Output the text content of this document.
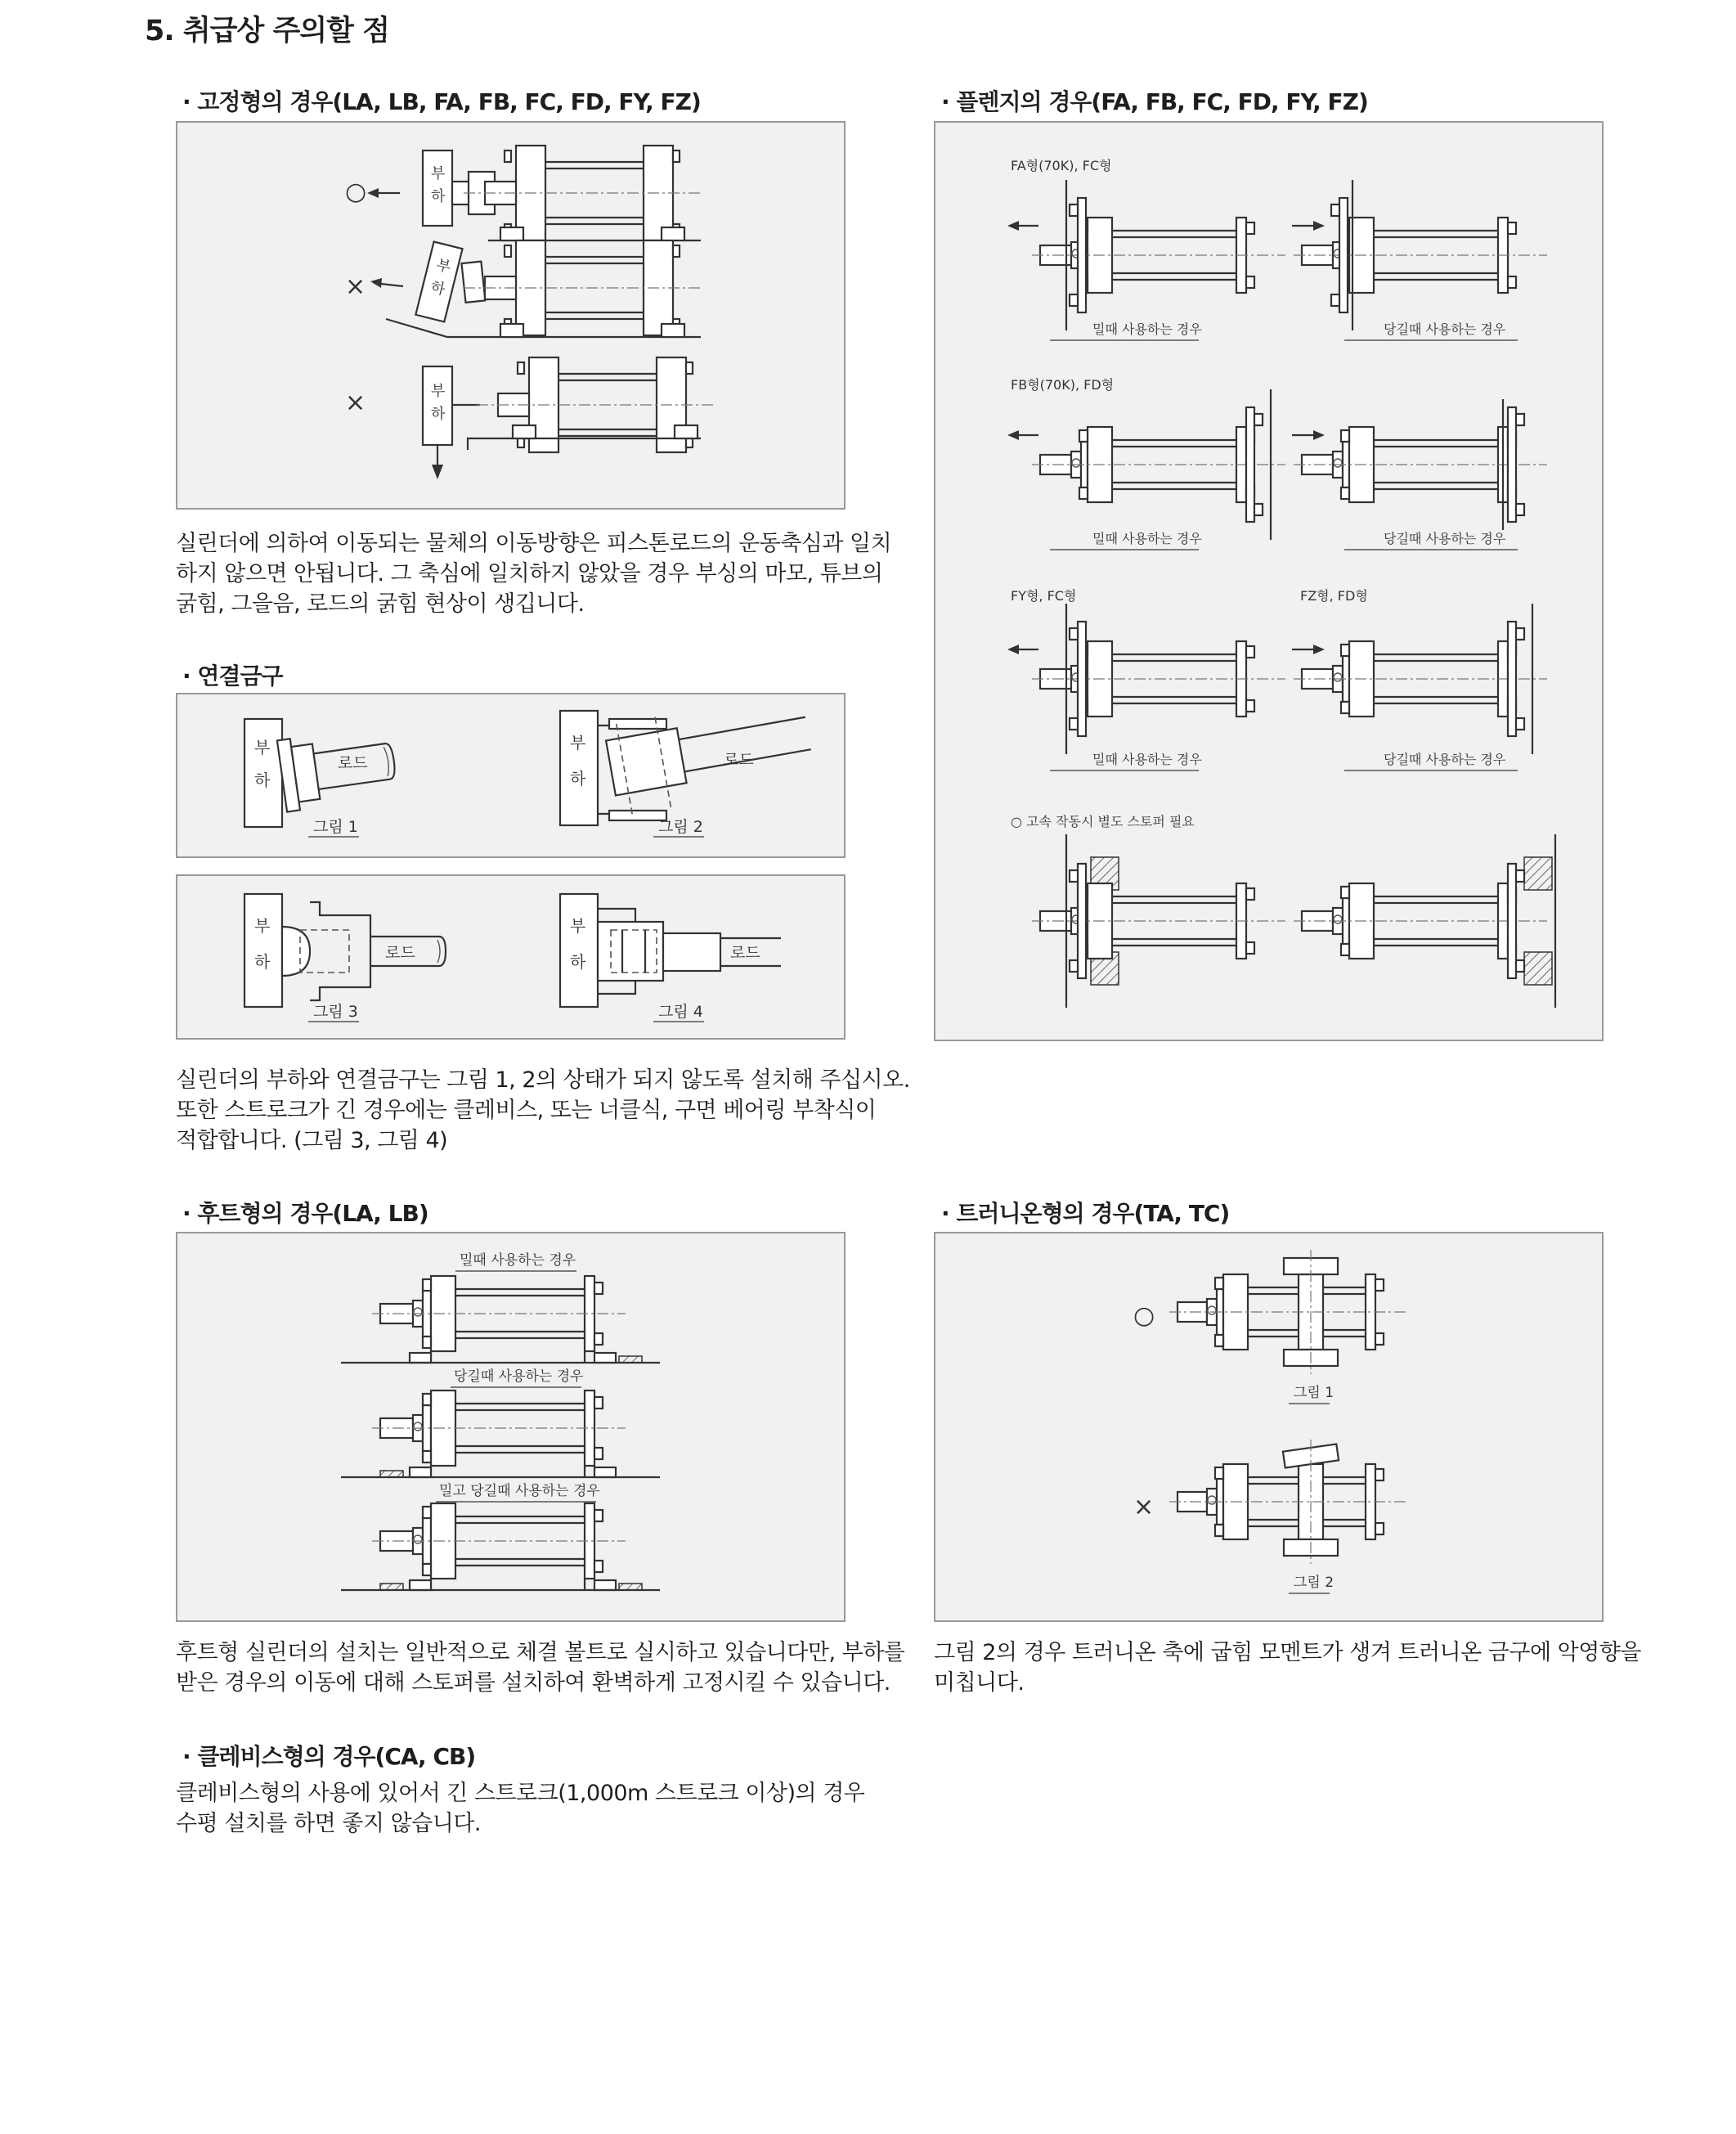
5. 취급상 주의할 점
· 고정형의 경우(LA, LB, FA, FB, FC, FD, FY, FZ)
○
부
하
×
부
하
×	부
하
실린더에 의하여 이동되는 물체의 이동방향은 피스톤로드의 운동축심과 일치
하지 않으면 안됩니다. 그 축심에 일치하지 않았을 경우 부싱의 마모, 튜브의
굵힘, 그을음, 로드의 굵힘 현상이 생깁니다.
· 연결금구
부
하
로드
그림 1
부
하
로드
그림 2
부
하	로드
그림 3
부
하	로드
그림 4
실린더의 부하와 연결금구는 그림 1, 2의 상태가 되지 않도록 설치해 주십시오.
또한 스트로크가 긴 경우에는 클레비스, 또는 너클식, 구면 베어링 부착식이
적합합니다. (그림 3, 그림 4)
· 후트형의 경우(LA, LB)
밀때 사용하는 경우
당길때 사용하는 경우
밀고 당길때 사용하는 경우
후트형 실린더의 설치는 일반적으로 체결 볼트로 실시하고 있습니다만, 부하를
받은 경우의 이동에 대해 스토퍼를 설치하여 환벽하게 고정시킬 수 있습니다.
· 클레비스형의 경우(CA, CB)
클레비스형의 사용에 있어서 긴 스트로크(1,000m 스트로크 이상)의 경우
수평 설치를 하면 좋지 않습니다.
· 플렌지의 경우(FA, FB, FC, FD, FY, FZ)
FA형(70K), FC형
밀때 사용하는 경우	당길때 사용하는 경우
FB형(70K), FD형
밀때 사용하는 경우	당길때 사용하는 경우
FY형, FC형	FZ형, FD형
밀때 사용하는 경우	당길때 사용하는 경우
○ 고속 작동시 별도 스토퍼 필요
· 트러니온형의 경우(TA, TC)
○
그림 1
×
그림 2
그림 2의 경우 트러니온 축에 굽힘 모멘트가 생겨 트러니온 금구에 악영향을
미칩니다.
